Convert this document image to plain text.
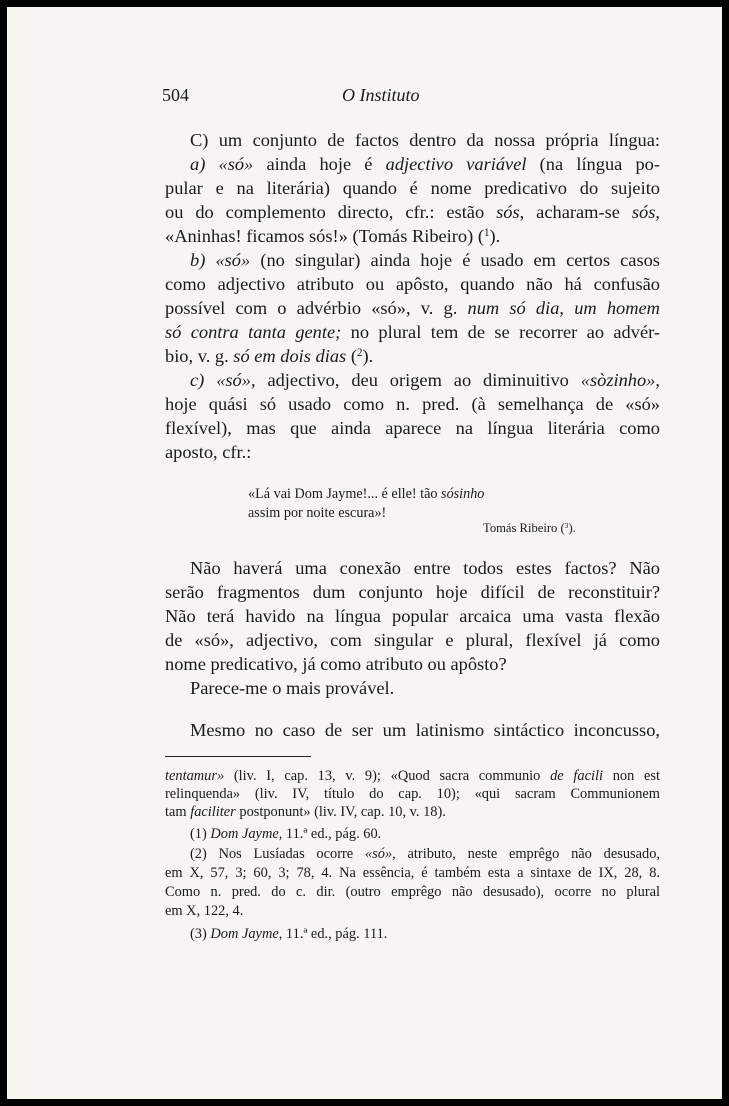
504	O Instituto
C) um conjunto de factos dentro da nossa própria língua:
a) «só» ainda hoje é adjectivo variável (na língua po-
pular e na literária) quando é nome predicativo do sujeito
ou do complemento directo, cfr.: estão sós, acharam-se sós,
«Aninhas! ficamos sós!» (Tomás Ribeiro) ($^1$).
b) «só» (no singular) ainda hoje é usado em certos casos
como adjectivo atributo ou apôsto, quando não há confusão
possível com o advérbio «só», v. g. num só dia, um homem
só contra tanta gente; no plural tem de se recorrer ao advér-
bio, v. g. só em dois dias ($^2$).
c) «só», adjectivo, deu origem ao diminuitivo «sòzinho»,
hoje quási só usado como n. pred. (à semelhança de «só»
flexível), mas que ainda aparece na língua literária como
aposto, cfr.:
«Lá vai Dom Jayme!... é elle! tão sósinho
assim por noite escura»!
Tomás Ribeiro ($^3$).
Não haverá uma conexão entre todos estes factos? Não
serão fragmentos dum conjunto hoje difícil de reconstituir?
Não terá havido na língua popular arcaica uma vasta flexão
de «só», adjectivo, com singular e plural, flexível já como
nome predicativo, já como atributo ou apôsto?
Parece-me o mais provável.
Mesmo no caso de ser um latinismo sintáctico inconcusso,
tentamur» (liv. I, cap. 13, v. 9); «Quod sacra communio de facili non est
relinquenda» (liv. IV, título do cap. 10); «qui sacram Communionem
tam faciliter postponunt» (liv. IV, cap. 10, v. 18).
(1) Dom Jayme, 11.ª ed., pág. 60.
(2) Nos Lusíadas ocorre «só», atributo, neste emprêgo não desusado,
em X, 57, 3; 60, 3; 78, 4. Na essência, é também esta a sintaxe de IX, 28, 8.
Como n. pred. do c. dir. (outro emprêgo não desusado), ocorre no plural
em X, 122, 4.
(3) Dom Jayme, 11.ª ed., pág. 111.
